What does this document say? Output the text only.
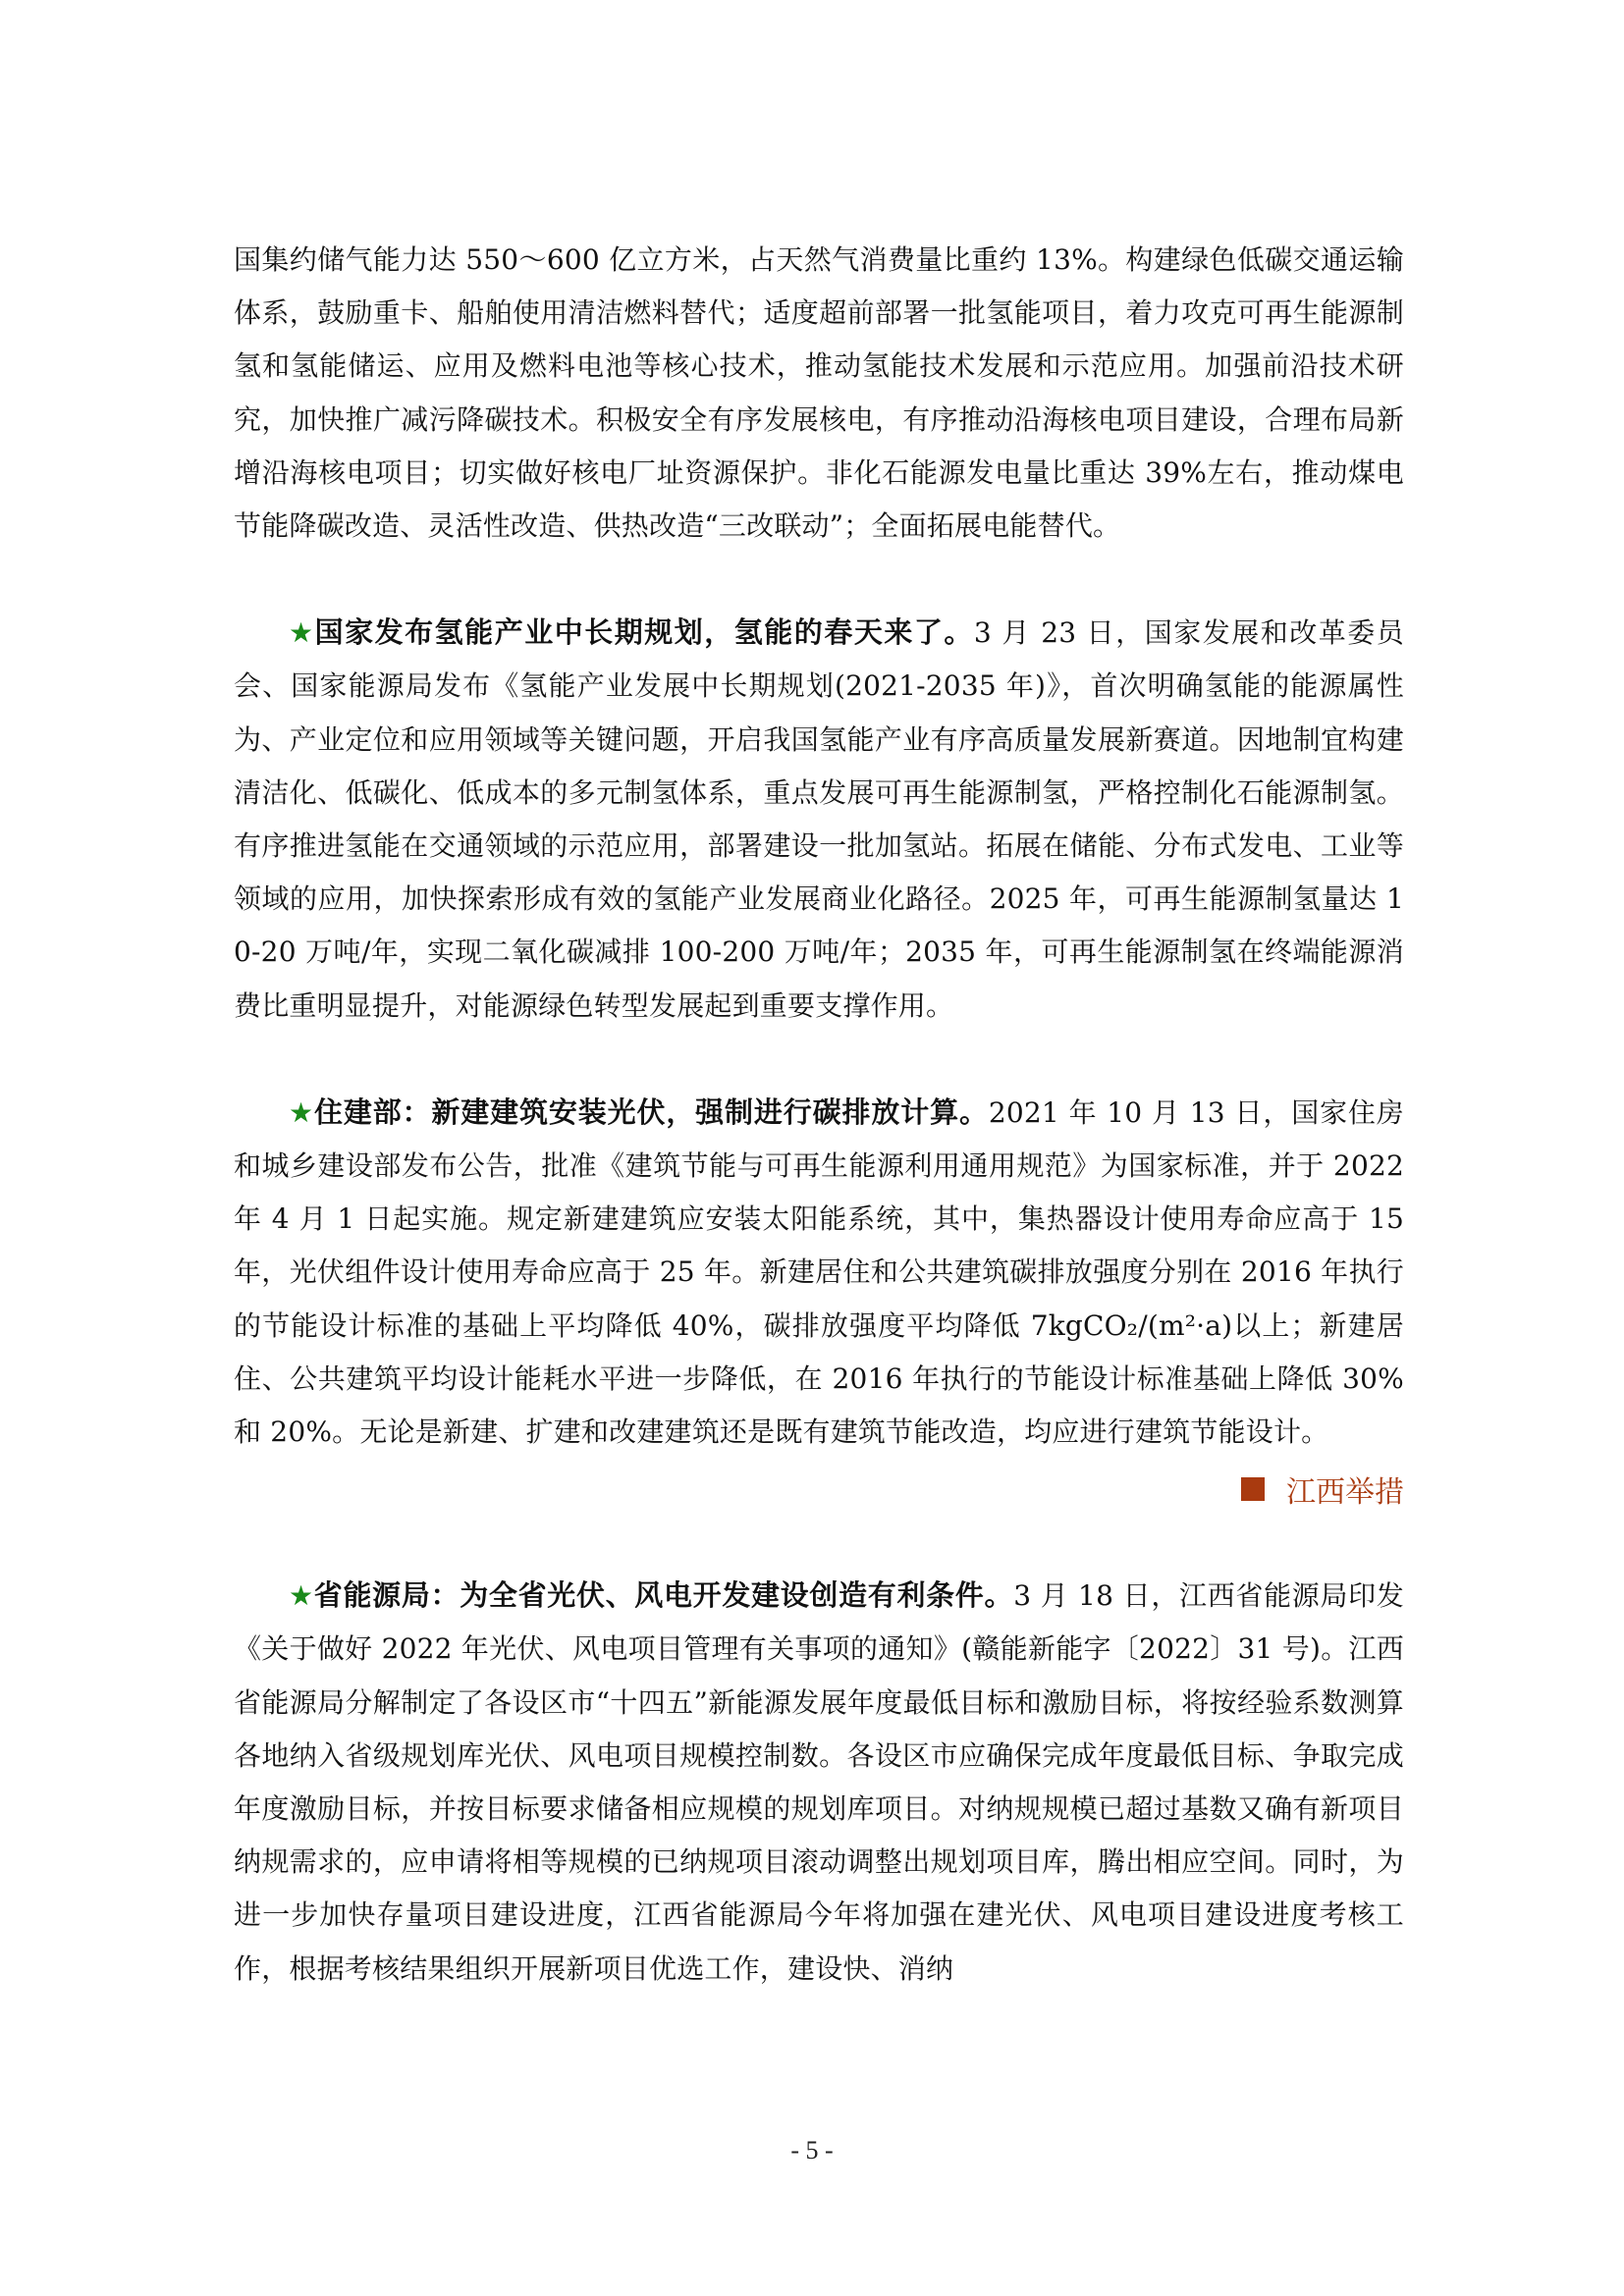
国集约储气能力达 550～600 亿立方米，占天然气消费量比重约 13%。构建绿色低碳交通运输体系，鼓励重卡、船舶使用清洁燃料替代；适度超前部署一批氢能项目，着力攻克可再生能源制氢和氢能储运、应用及燃料电池等核心技术，推动氢能技术发展和示范应用。加强前沿技术研究，加快推广减污降碳技术。积极安全有序发展核电，有序推动沿海核电项目建设，合理布局新增沿海核电项目；切实做好核电厂址资源保护。非化石能源发电量比重达 39%左右，推动煤电节能降碳改造、灵活性改造、供热改造“三改联动”；全面拓展电能替代。

★国家发布氢能产业中长期规划，氢能的春天来了。3 月 23 日，国家发展和改革委员会、国家能源局发布《氢能产业发展中长期规划(2021-2035 年)》，首次明确氢能的能源属性为、产业定位和应用领域等关键问题，开启我国氢能产业有序高质量发展新赛道。因地制宜构建清洁化、低碳化、低成本的多元制氢体系，重点发展可再生能源制氢，严格控制化石能源制氢。有序推进氢能在交通领域的示范应用，部署建设一批加氢站。拓展在储能、分布式发电、工业等领域的应用，加快探索形成有效的氢能产业发展商业化路径。2025 年，可再生能源制氢量达 10-20 万吨/年，实现二氧化碳减排 100-200 万吨/年；2035 年，可再生能源制氢在终端能源消费比重明显提升，对能源绿色转型发展起到重要支撑作用。

★住建部：新建建筑安装光伏，强制进行碳排放计算。2021 年 10 月 13 日，国家住房和城乡建设部发布公告，批准《建筑节能与可再生能源利用通用规范》为国家标准，并于 2022 年 4 月 1 日起实施。规定新建建筑应安装太阳能系统，其中，集热器设计使用寿命应高于 15 年，光伏组件设计使用寿命应高于 25 年。新建居住和公共建筑碳排放强度分别在 2016 年执行的节能设计标准的基础上平均降低 40%，碳排放强度平均降低 7kgCO₂/(m²·a)以上；新建居住、公共建筑平均设计能耗水平进一步降低，在 2016 年执行的节能设计标准基础上降低 30%和 20%。无论是新建、扩建和改建建筑还是既有建筑节能改造，均应进行建筑节能设计。

江西举措

★省能源局：为全省光伏、风电开发建设创造有利条件。3 月 18 日，江西省能源局印发《关于做好 2022 年光伏、风电项目管理有关事项的通知》(赣能新能字〔2022〕31 号)。江西省能源局分解制定了各设区市“十四五”新能源发展年度最低目标和激励目标，将按经验系数测算各地纳入省级规划库光伏、风电项目规模控制数。各设区市应确保完成年度最低目标、争取完成年度激励目标，并按目标要求储备相应规模的规划库项目。对纳规规模已超过基数又确有新项目纳规需求的，应申请将相等规模的已纳规项目滚动调整出规划项目库，腾出相应空间。同时，为进一步加快存量项目建设进度，江西省能源局今年将加强在建光伏、风电项目建设进度考核工作，根据考核结果组织开展新项目优选工作，建设快、消纳

- 5 -
